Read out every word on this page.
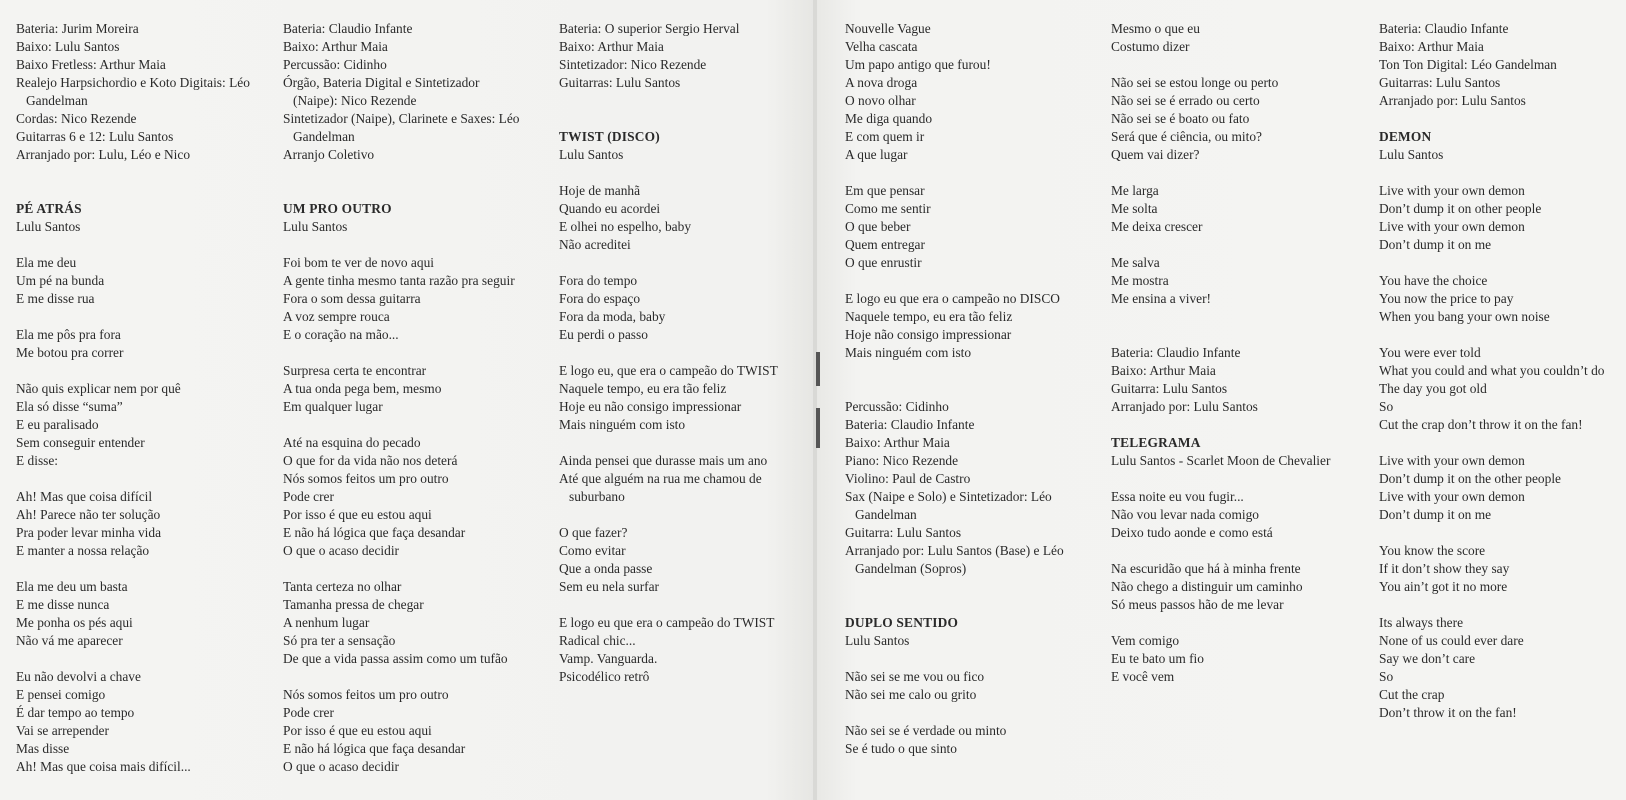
Bateria: Jurim Moreira

Baixo: Lulu Santos

Baixo Fretless: Arthur Maia

Realejo Harpsichordio e Koto Digitais: Léo

Gandelman

Cordas: Nico Rezende

Guitarras 6 e 12: Lulu Santos

Arranjado por: Lulu, Léo e Nico

PÉ ATRÁS

Lulu Santos

Ela me deu

Um pé na bunda

E me disse rua

Ela me pôs pra fora

Me botou pra correr

Não quis explicar nem por quê

Ela só disse “suma”

E eu paralisado

Sem conseguir entender

E disse:

Ah! Mas que coisa difícil

Ah! Parece não ter solução

Pra poder levar minha vida

E manter a nossa relação

Ela me deu um basta

E me disse nunca

Me ponha os pés aqui

Não vá me aparecer

Eu não devolvi a chave

E pensei comigo

É dar tempo ao tempo

Vai se arrepender

Mas disse

Ah! Mas que coisa mais difícil...

Bateria: Claudio Infante

Baixo: Arthur Maia

Percussão: Cidinho

Órgão, Bateria Digital e Sintetizador

(Naipe): Nico Rezende

Sintetizador (Naipe), Clarinete e Saxes: Léo

Gandelman

Arranjo Coletivo

UM PRO OUTRO

Lulu Santos

Foi bom te ver de novo aqui

A gente tinha mesmo tanta razão pra seguir

Fora o som dessa guitarra

A voz sempre rouca

E o coração na mão...

Surpresa certa te encontrar

A tua onda pega bem, mesmo

Em qualquer lugar

Até na esquina do pecado

O que for da vida não nos deterá

Nós somos feitos um pro outro

Pode crer

Por isso é que eu estou aqui

E não há lógica que faça desandar

O que o acaso decidir

Tanta certeza no olhar

Tamanha pressa de chegar

A nenhum lugar

Só pra ter a sensação

De que a vida passa assim como um tufão

Nós somos feitos um pro outro

Pode crer

Por isso é que eu estou aqui

E não há lógica que faça desandar

O que o acaso decidir

Bateria: O superior Sergio Herval

Baixo: Arthur Maia

Sintetizador: Nico Rezende

Guitarras: Lulu Santos

TWIST (DISCO)

Lulu Santos

Hoje de manhã

Quando eu acordei

E olhei no espelho, baby

Não acreditei

Fora do tempo

Fora do espaço

Fora da moda, baby

Eu perdi o passo

E logo eu, que era o campeão do TWIST

Naquele tempo, eu era tão feliz

Hoje eu não consigo impressionar

Mais ninguém com isto

Ainda pensei que durasse mais um ano

Até que alguém na rua me chamou de

suburbano

O que fazer?

Como evitar

Que a onda passe

Sem eu nela surfar

E logo eu que era o campeão do TWIST

Radical chic...

Vamp. Vanguarda.

Psicodélico retrô

Nouvelle Vague

Velha cascata

Um papo antigo que furou!

A nova droga

O novo olhar

Me diga quando

E com quem ir

A que lugar

Em que pensar

Como me sentir

O que beber

Quem entregar

O que enrustir

E logo eu que era o campeão no DISCO

Naquele tempo, eu era tão feliz

Hoje não consigo impressionar

Mais ninguém com isto

Percussão: Cidinho

Bateria: Claudio Infante

Baixo: Arthur Maia

Piano: Nico Rezende

Violino: Paul de Castro

Sax (Naipe e Solo) e Sintetizador: Léo

Gandelman

Guitarra: Lulu Santos

Arranjado por: Lulu Santos (Base) e Léo

Gandelman (Sopros)

DUPLO SENTIDO

Lulu Santos

Não sei se me vou ou fico

Não sei me calo ou grito

Não sei se é verdade ou minto

Se é tudo o que sinto

Mesmo o que eu

Costumo dizer

Não sei se estou longe ou perto

Não sei se é errado ou certo

Não sei se é boato ou fato

Será que é ciência, ou mito?

Quem vai dizer?

Me larga

Me solta

Me deixa crescer

Me salva

Me mostra

Me ensina a viver!

Bateria: Claudio Infante

Baixo: Arthur Maia

Guitarra: Lulu Santos

Arranjado por: Lulu Santos

TELEGRAMA

Lulu Santos - Scarlet Moon de Chevalier

Essa noite eu vou fugir...

Não vou levar nada comigo

Deixo tudo aonde e como está

Na escuridão que há à minha frente

Não chego a distinguir um caminho

Só meus passos hão de me levar

Vem comigo

Eu te bato um fio

E você vem

Bateria: Claudio Infante

Baixo: Arthur Maia

Ton Ton Digital: Léo Gandelman

Guitarras: Lulu Santos

Arranjado por: Lulu Santos

DEMON

Lulu Santos

Live with your own demon

Don’t dump it on other people

Live with your own demon

Don’t dump it on me

You have the choice

You now the price to pay

When you bang your own noise

You were ever told

What you could and what you couldn’t do

The day you got old

So

Cut the crap don’t throw it on the fan!

Live with your own demon

Don’t dump it on the other people

Live with your own demon

Don’t dump it on me

You know the score

If it don’t show they say

You ain’t got it no more

Its always there

None of us could ever dare

Say we don’t care

So

Cut the crap

Don’t throw it on the fan!
